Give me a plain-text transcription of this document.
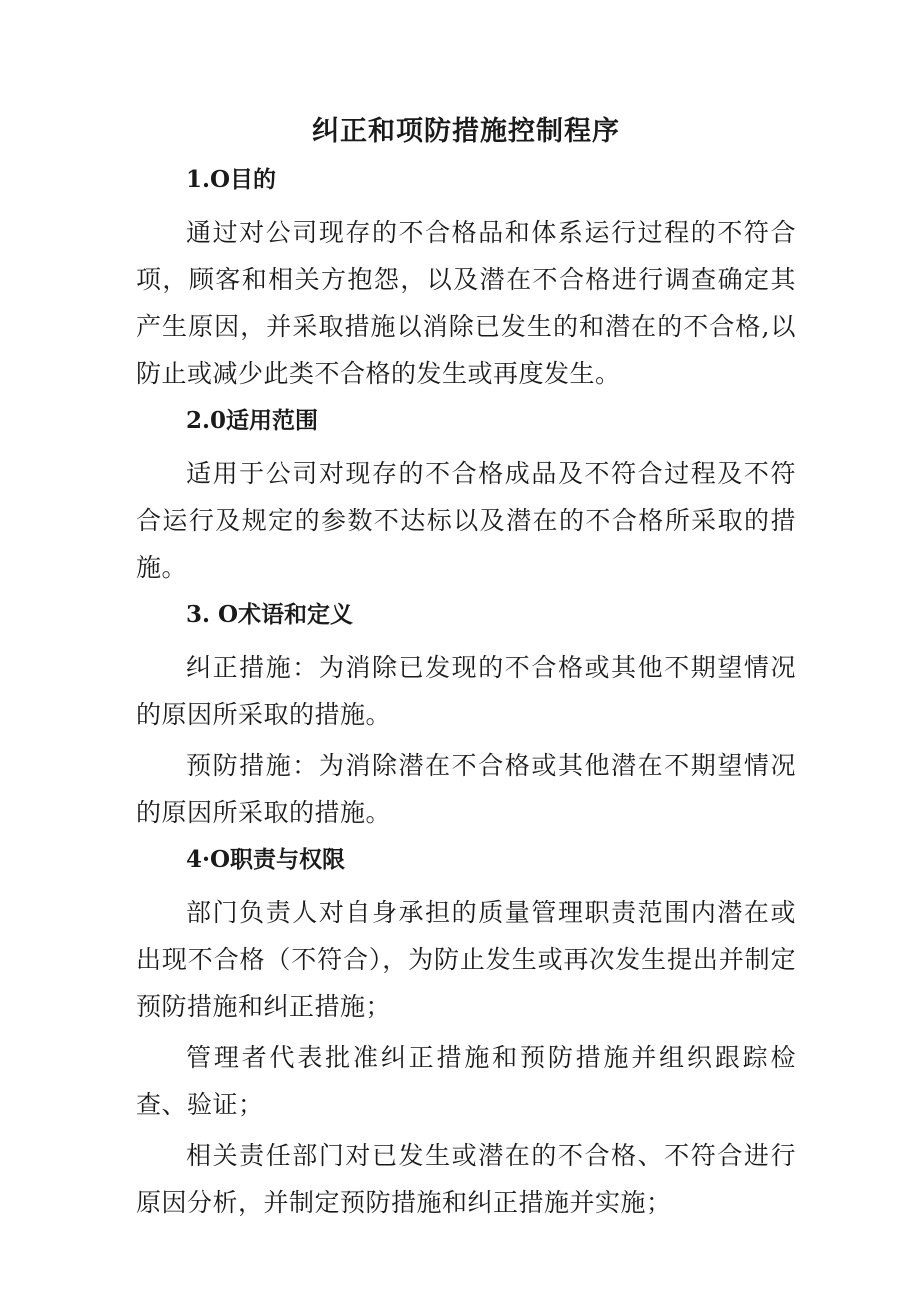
纠正和项防措施控制程序
1.O目的

通过对公司现存的不合格品和体系运行过程的不符合项，顾客和相关方抱怨，以及潜在不合格进行调查确定其产生原因，并采取措施以消除已发生的和潜在的不合格,以防止或减少此类不合格的发生或再度发生。

2.0适用范围

适用于公司对现存的不合格成品及不符合过程及不符合运行及规定的参数不达标以及潜在的不合格所采取的措施。

3. O术语和定义

纠正措施：为消除已发现的不合格或其他不期望情况的原因所采取的措施。

预防措施：为消除潜在不合格或其他潜在不期望情况的原因所采取的措施。

4·O职责与权限

部门负责人对自身承担的质量管理职责范围内潜在或出现不合格（不符合），为防止发生或再次发生提出并制定预防措施和纠正措施；

管理者代表批准纠正措施和预防措施并组织跟踪检查、验证；

相关责任部门对已发生或潜在的不合格、不符合进行原因分析，并制定预防措施和纠正措施并实施；
